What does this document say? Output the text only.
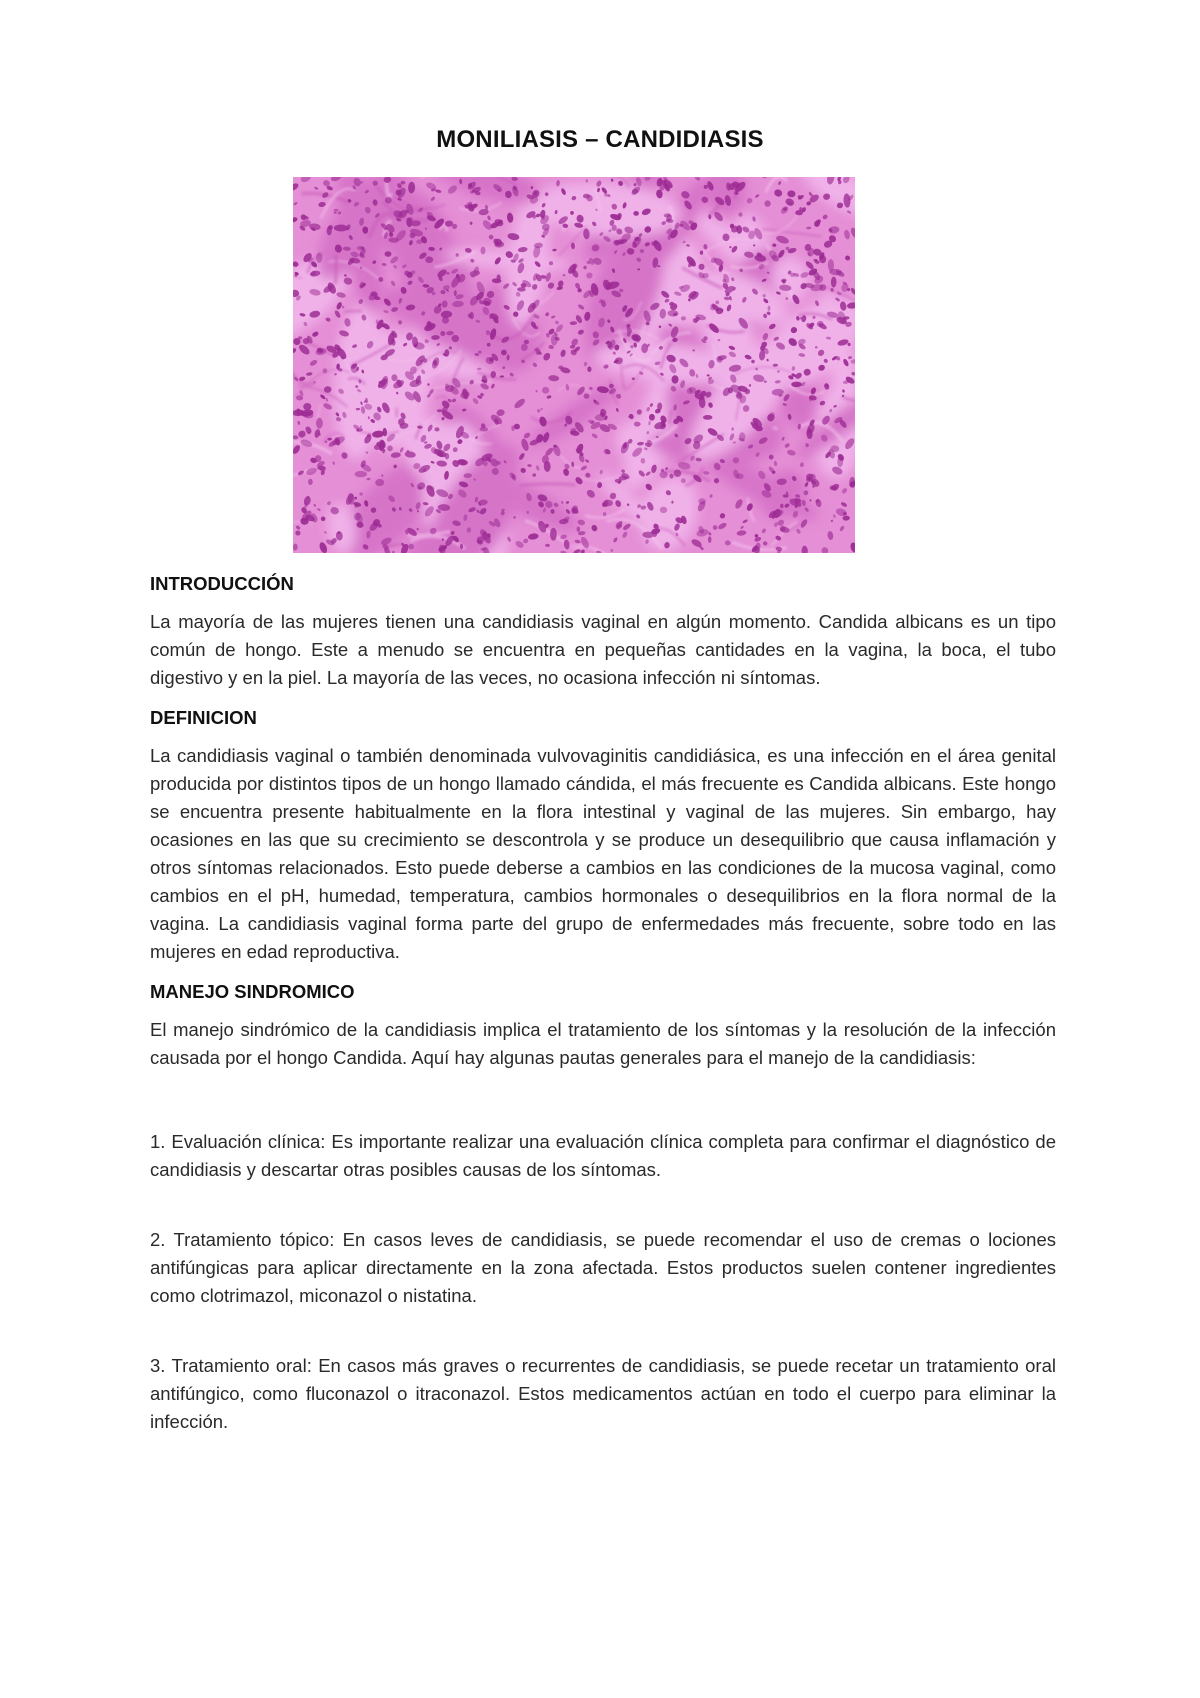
MONILIASIS – CANDIDIASIS
INTRODUCCIÓN

La mayoría de las mujeres tienen una candidiasis vaginal en algún momento. Candida albicans es un tipo común de hongo. Este a menudo se encuentra en pequeñas cantidades en la vagina, la boca, el tubo digestivo y en la piel. La mayoría de las veces, no ocasiona infección ni síntomas.

DEFINICION

La candidiasis vaginal o también denominada vulvovaginitis candidiásica, es una infección en el área genital producida por distintos tipos de un hongo llamado cándida, el más frecuente es Candida albicans. Este hongo se encuentra presente habitualmente en la flora intestinal y vaginal de las mujeres. Sin embargo, hay ocasiones en las que su crecimiento se descontrola y se produce un desequilibrio que causa inflamación y otros síntomas relacionados. Esto puede deberse a cambios en las condiciones de la mucosa vaginal, como cambios en el pH, humedad, temperatura, cambios hormonales o desequilibrios en la flora normal de la vagina. La candidiasis vaginal forma parte del grupo de enfermedades más frecuente, sobre todo en las mujeres en edad reproductiva.

MANEJO SINDROMICO

El manejo sindrómico de la candidiasis implica el tratamiento de los síntomas y la resolución de la infección causada por el hongo Candida. Aquí hay algunas pautas generales para el manejo de la candidiasis:

1. Evaluación clínica: Es importante realizar una evaluación clínica completa para confirmar el diagnóstico de candidiasis y descartar otras posibles causas de los síntomas.

2. Tratamiento tópico: En casos leves de candidiasis, se puede recomendar el uso de cremas o lociones antifúngicas para aplicar directamente en la zona afectada. Estos productos suelen contener ingredientes como clotrimazol, miconazol o nistatina.

3. Tratamiento oral: En casos más graves o recurrentes de candidiasis, se puede recetar un tratamiento oral antifúngico, como fluconazol o itraconazol. Estos medicamentos actúan en todo el cuerpo para eliminar la infección.
